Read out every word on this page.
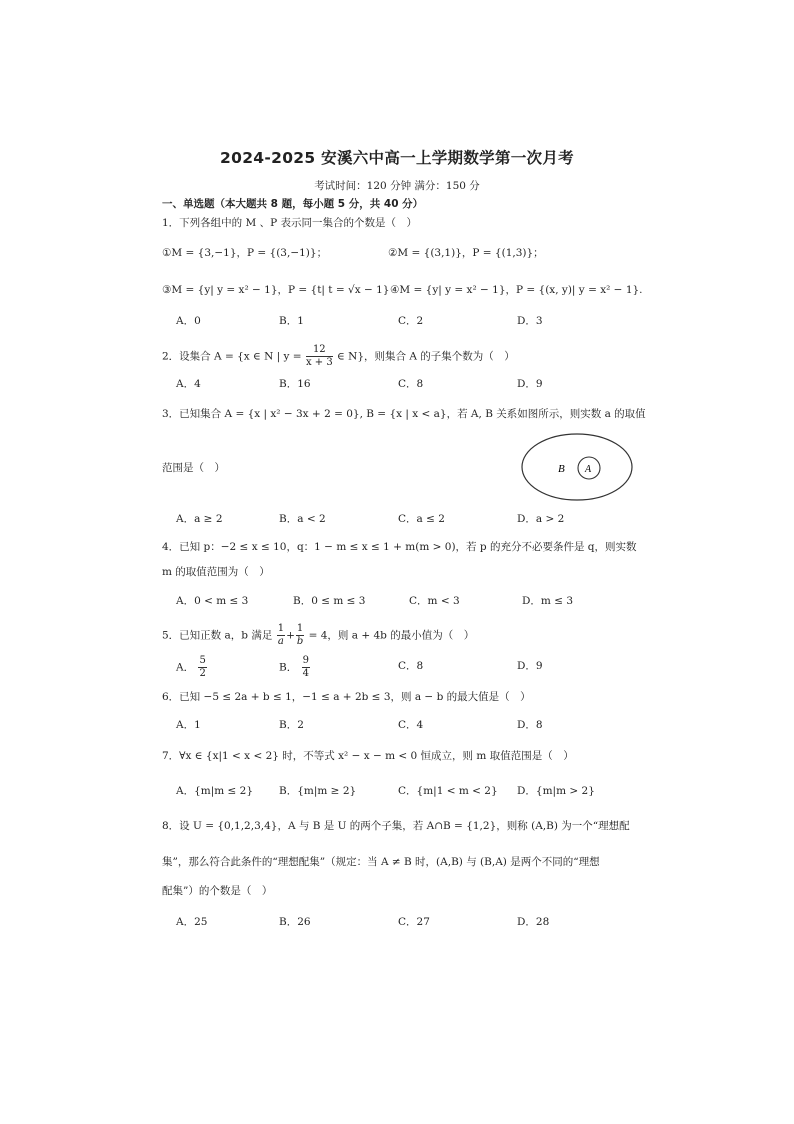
2024-2025 安溪六中高一上学期数学第一次月考
考试时间：120 分钟 满分：150 分
一、单选题（本大题共 8 题，每小题 5 分，共 40 分）
1．下列各组中的 M 、P 表示同一集合的个数是（　）
①M = {3,−1}，P = {(3,−1)}；	②M = {(3,1)}，P = {(1,3)}；
③M = {y| y = x² − 1}，P = {t| t = √x − 1} ④M = {y| y = x² − 1}，P = {(x, y)| y = x² − 1}.
A．0	B．1	C．2	D．3
2．设集合 A = {x ∈ N | $y = \frac{12}{x + 3}$ ∈ N}，则集合 A 的子集个数为（　）
A．4	B．16	C．8	D．9
3．已知集合 A = {x | x² − 3x + 2 = 0}, B = {x | x < a}，若 A, B 关系如图所示，则实数 a 的取值
范围是（　）	B A
A．a ≥ 2	B．a < 2	C．a ≤ 2	D．a > 2
4．已知 p：−2 ≤ x ≤ 10，q：1 − m ≤ x ≤ 1 + m(m > 0)，若 p 的充分不必要条件是 q，则实数
m 的取值范围为（　）
A．0 < m ≤ 3	B．0 ≤ m ≤ 3	C．m < 3	D．m ≤ 3
5．已知正数 a，b 满足 $\frac{1}{a} + \frac{1}{b} = 4$，则 a + 4b 的最小值为（　）
A． $\frac{5}{2}$	B． $\frac{9}{4}$	C．8	D．9
6．已知 −5 ≤ 2a + b ≤ 1，−1 ≤ a + 2b ≤ 3，则 a − b 的最大值是（　）
A．1	B．2	C．4	D．8
7．∀x ∈ {x|1 < x < 2} 时，不等式 x² − x − m < 0 恒成立，则 m 取值范围是（　）
A．{m|m ≤ 2} B．{m|m ≥ 2}	C．{m|1 < m < 2} D．{m|m > 2}
8．设 U = {0,1,2,3,4}，A 与 B 是 U 的两个子集，若 A∩B = {1,2}，则称 (A,B) 为一个“理想配
集”，那么符合此条件的“理想配集”（规定：当 A ≠ B 时，(A,B) 与 (B,A) 是两个不同的“理想
配集”）的个数是（　）
A．25	B．26	C．27	D．28
